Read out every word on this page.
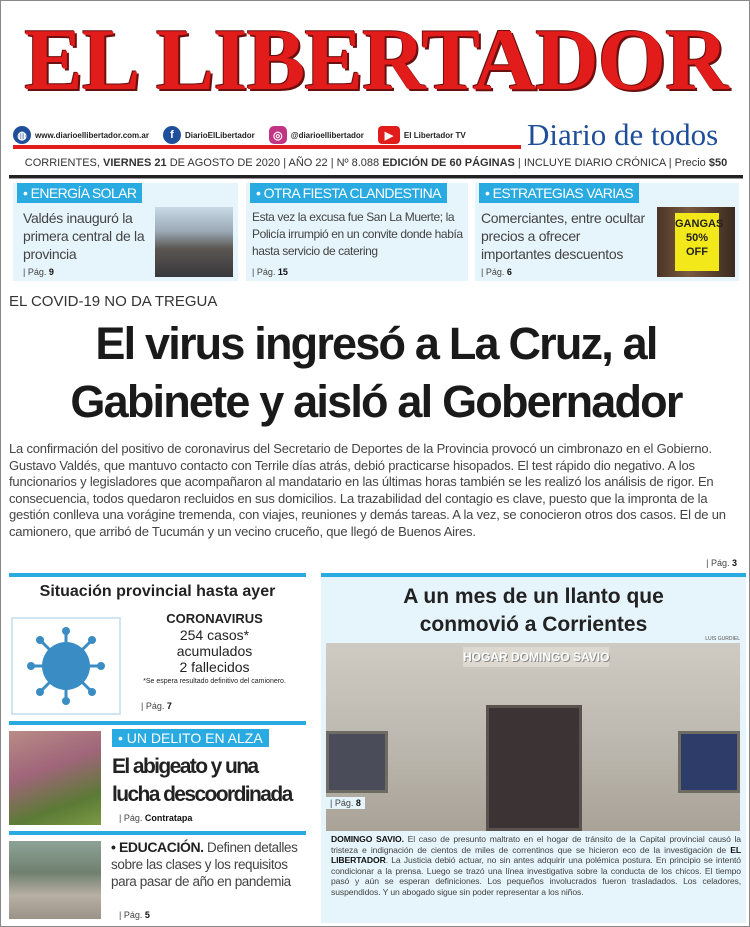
EL LIBERTADOR
◍	www.diarioellibertador.com.ar	f	DiarioElLibertador	◎	@diarioellibertador	▶	El Libertador TV Diario de todos
CORRIENTES, VIERNES 21 DE AGOSTO DE 2020 | AÑO 22 | Nº 8.088 EDICIÓN DE 60 PÁGINAS | INCLUYE DIARIO CRÓNICA | Precio $50
• ENERGÍA SOLAR
Valdés inauguró la primera central de la provincia
| Pág. 9
• OTRA FIESTA CLANDESTINA
Esta vez la excusa fue San La Muerte; la Policía irrumpió en un convite donde había hasta servicio de catering
| Pág. 15
• ESTRATEGIAS VARIAS
Comerciantes, entre ocultar precios a ofrecer importantes descuentos
| Pág. 6
GANGAS 50% OFF
EL COVID-19 NO DA TREGUA
El virus ingresó a La Cruz, al
Gabinete y aisló al Gobernador
La confirmación del positivo de coronavirus del Secretario de Deportes de la Provincia provocó un cimbronazo en el Gobierno. Gustavo Valdés, que mantuvo contacto con Terrile días atrás, debió practicarse hisopados. El test rápido dio negativo. A los funcionarios y legisladores que acompañaron al mandatario en las últimas horas también se les realizó los análisis de rigor. En consecuencia, todos quedaron recluidos en sus domicilios. La trazabilidad del contagio es clave, puesto que la impronta de la gestión conlleva una vorágine tremenda, con viajes, reuniones y demás tareas. A la vez, se conocieron otros dos casos. El de un camionero, que arribó de Tucumán y un vecino cruceño, que llegó de Buenos Aires.
| Pág. 3
Situación provincial hasta ayer
CORONAVIRUS
254 casos*
acumulados
2 fallecidos
*Se espera resultado definitivo del camionero.
| Pág. 7
• UN DELITO EN ALZA
El abigeato y una
lucha descoordinada
| Pág. Contratapa
• EDUCACIÓN. Definen detalles sobre las clases y los requisitos para pasar de año en pandemia
| Pág. 5
A un mes de un llanto que
conmovió a Corrientes
LUIS GURDIEL
HOGAR DOMINGO SAVIO
| Pág. 8
DOMINGO SAVIO. El caso de presunto maltrato en el hogar de tránsito de la Capital provincial causó la tristeza e indignación de cientos de miles de correntinos que se hicieron eco de la investigación de EL LIBERTADOR. La Justicia debió actuar, no sin antes adquirir una polémica postura. En principio se intentó condicionar a la prensa. Luego se trazó una línea investigativa sobre la conducta de los chicos. El tiempo pasó y aún se esperan definiciones. Los pequeños involucrados fueron trasladados. Los celadores, suspendidos. Y un abogado sigue sin poder representar a los niños.
